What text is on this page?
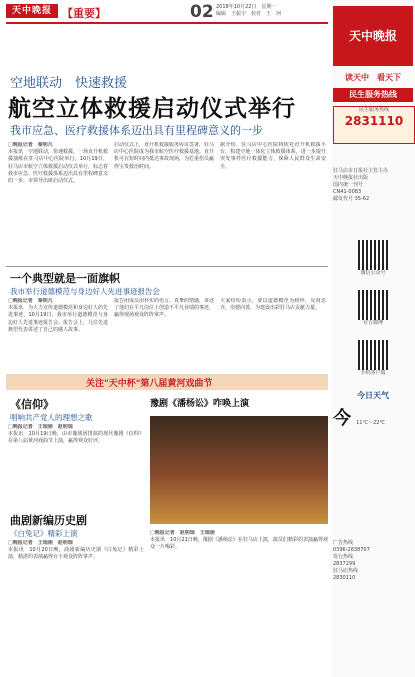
天中晚报 【重要】	02 2018年10月22日　星期一
编辑　王振宇　校对　王　珂
空地联动　快速救援
航空立体救援启动仪式举行
我市应急、医疗救援体系迈出具有里程碑意义的一步
□晚报记者　秦明凡
本报讯　空地联动，快速救援。一场直升机救援演练在驻马店中心医院举行。10月19日，驻马店市航空立体救援启动仪式举行，标志着我市应急、医疗救援体系迈出具有里程碑意义的一步。市领导出席启动仪式。
启动仪式上，直升机救援服务协议签署，驻马店中心医院成为我市航空医疗救援基地。直升机可在短时间内抵达事故现场，为危重伤员赢得宝贵救治时间。
据介绍，驻马店中心医院将依托直升机救援平台，构建空地一体化立体救援体系，进一步提升突发事件医疗救援能力，保障人民群众生命安全。
一个典型就是一面旗帜
我市举行道德模范与身边好人先进事迹报告会
□晚报记者　秦明凡
本报讯　为大力宣传道德模范和身边好人的先进事迹，10月19日，我市举行道德模范与身边好人先进事迹报告会。报告会上，几位先进典型代表讲述了自己的感人故事。
报告团成员用朴实的语言、真挚的情感，讲述了他们在平凡岗位上创造不平凡业绩的事迹，赢得现场观众阵阵掌声。
大家纷纷表示，要以道德模范为榜样，见贤思齐，崇德向善，为建设出彩驻马店贡献力量。
关注"天中杯"第八届黄河戏曲节
《信仰》
唱响共产党人的理想之歌
□晚报记者　王瑞娟　赵明瑞
本报讯　10月19日晚，由市豫剧团排演的现代豫剧《信仰》在第八届黄河戏曲节上演，赢得观众好评。
曲剧新编历史剧
《白兔记》精彩上演
□晚报记者　王瑞娟　赵明瑞
本报讯　10月20日晚，曲剧新编历史剧《白兔记》精彩上演，精湛的表演赢得台下观众阵阵掌声。
豫剧《潘杨讼》咋唤上演
□晚报记者　赵明瑞　王瑞娟
本报讯　10月21日晚，豫剧《潘杨讼》在驻马店上演，演员们精彩的表演赢得观众一片喝彩。
天中晚报
读天中　看天下
民生服务热线
民生服务热线
2831110
驻马店市日报社主管主办
天中晚报社出版
国内统一刊号
CN41-0083
邮发代号 35-62
微信公众号
官方微博
手机客户端
今日天气
今 11℃～22℃
广告热线
0396-2838707
发行热线
2837299
驻马店热线
2830110
